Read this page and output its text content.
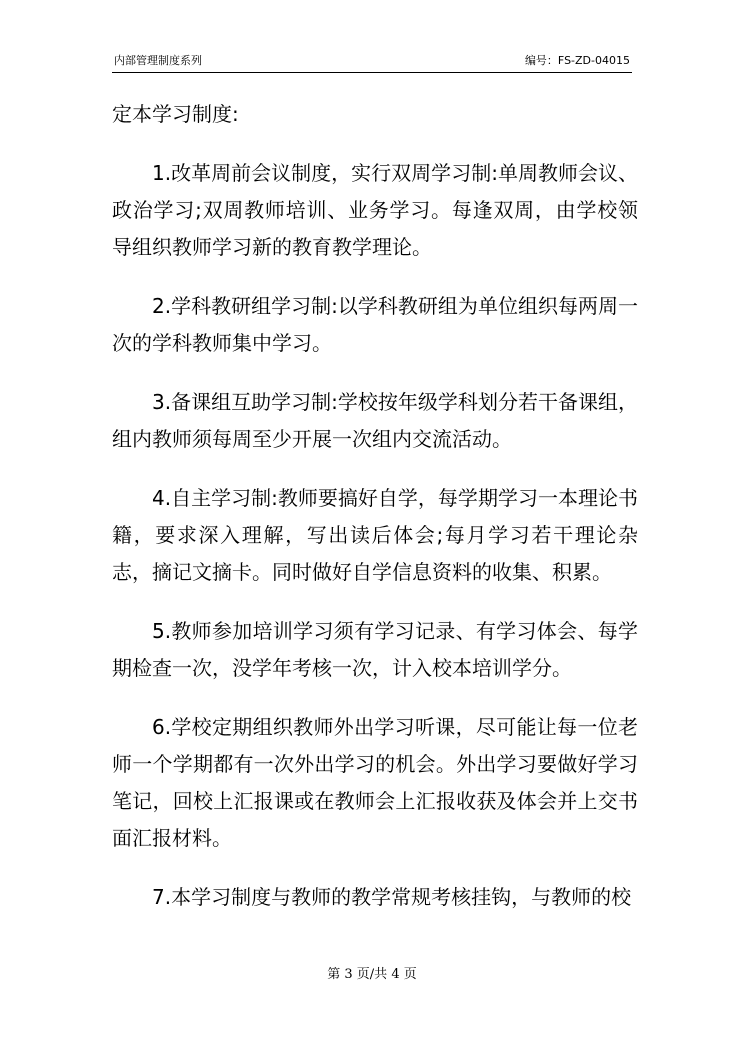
内部管理制度系列	编号：FS-ZD-04015

定本学习制度:

1.改革周前会议制度，实行双周学习制:单周教师会议、政治学习;双周教师培训、业务学习。每逢双周，由学校领导组织教师学习新的教育教学理论。

2.学科教研组学习制:以学科教研组为单位组织每两周一次的学科教师集中学习。

3.备课组互助学习制:学校按年级学科划分若干备课组，组内教师须每周至少开展一次组内交流活动。

4.自主学习制:教师要搞好自学，每学期学习一本理论书籍，要求深入理解，写出读后体会;每月学习若干理论杂志，摘记文摘卡。同时做好自学信息资料的收集、积累。

5.教师参加培训学习须有学习记录、有学习体会、每学期检查一次，没学年考核一次，计入校本培训学分。

6.学校定期组织教师外出学习听课，尽可能让每一位老师一个学期都有一次外出学习的机会。外出学习要做好学习笔记，回校上汇报课或在教师会上汇报收获及体会并上交书面汇报材料。

7.本学习制度与教师的教学常规考核挂钩，与教师的校

第 3 页/共 4 页
